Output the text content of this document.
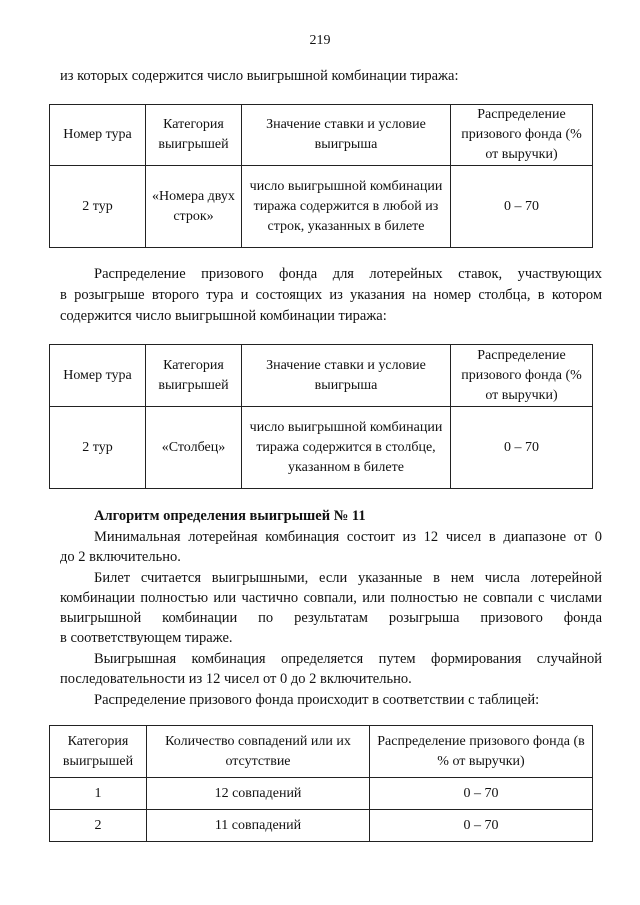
219
из которых содержится число выигрышной комбинации тиража:
Номер тура	Категория выигрышей	Значение ставки и условие выигрыша	Распределение призового фонда (% от выручки)
2 тур	«Номера двух строк»	число выигрышной комбинации тиража содержится в любой из строк, указанных в билете	0 – 70
Распределение призового фонда для лотерейных ставок, участвующих
в розыгрыше второго тура и состоящих из указания на номер столбца, в котором
содержится число выигрышной комбинации тиража:
Номер тура	Категория выигрышей	Значение ставки и условие выигрыша	Распределение призового фонда (% от выручки)
2 тур	«Столбец»	число выигрышной комбинации тиража содержится в столбце, указанном в билете	0 – 70
Алгоритм определения выигрышей № 11
Минимальная лотерейная комбинация состоит из 12 чисел в диапазоне от 0
до 2 включительно.
Билет считается выигрышными, если указанные в нем числа лотерейной
комбинации полностью или частично совпали, или полностью не совпали с числами
выигрышной комбинации по результатам розыгрыша призового фонда
в соответствующем тираже.
Выигрышная комбинация определяется путем формирования случайной
последовательности из 12 чисел от 0 до 2 включительно.
Распределение призового фонда происходит в соответствии с таблицей:
Категория выигрышей	Количество совпадений или их отсутствие	Распределение призового фонда (в % от выручки)
1	12 совпадений	0 – 70
2	11 совпадений	0 – 70
